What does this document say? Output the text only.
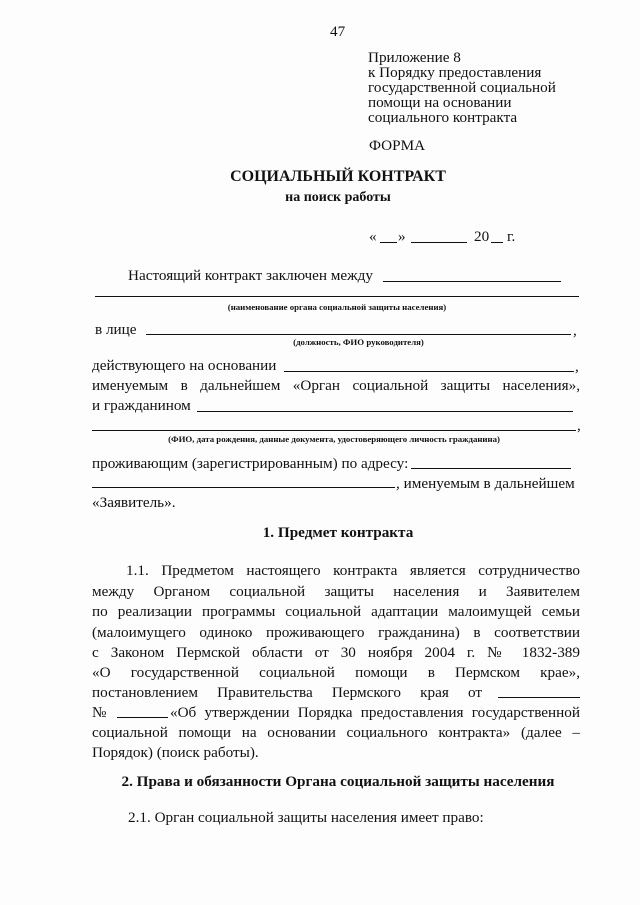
47
Приложение 8
к Порядку предоставления
государственной социальной
помощи на основании
социального контракта
ФОРМА
СОЦИАЛЬНЫЙ КОНТРАКТ
на поиск работы
« »	20 г.
Настоящий контракт заключен между
(наименование органа социальной защиты населения)
в лице	,
(должность, ФИО руководителя)
действующего на основании	,
именуемым в дальнейшем «Орган социальной защиты населения»,
и гражданином
,
(ФИО, дата рождения, данные документа, удостоверяющего личность гражданина)
проживающим (зарегистрированным) по адресу:
, именуемым в дальнейшем
«Заявитель».
1. Предмет контракта
1.1. Предметом настоящего контракта является сотрудничество
между Органом социальной защиты населения и Заявителем
по реализации программы социальной адаптации малоимущей семьи
(малоимущего одиноко проживающего гражданина) в соответствии
с Законом Пермской области от 30 ноября 2004 г. № 1832-389
«О государственной социальной помощи в Пермском крае»,
постановлением Правительства Пермского края от
№	«Об утверждении Порядка предоставления государственной
социальной помощи на основании социального контракта» (далее –
Порядок) (поиск работы).
2. Права и обязанности Органа социальной защиты населения
2.1. Орган социальной защиты населения имеет право:
